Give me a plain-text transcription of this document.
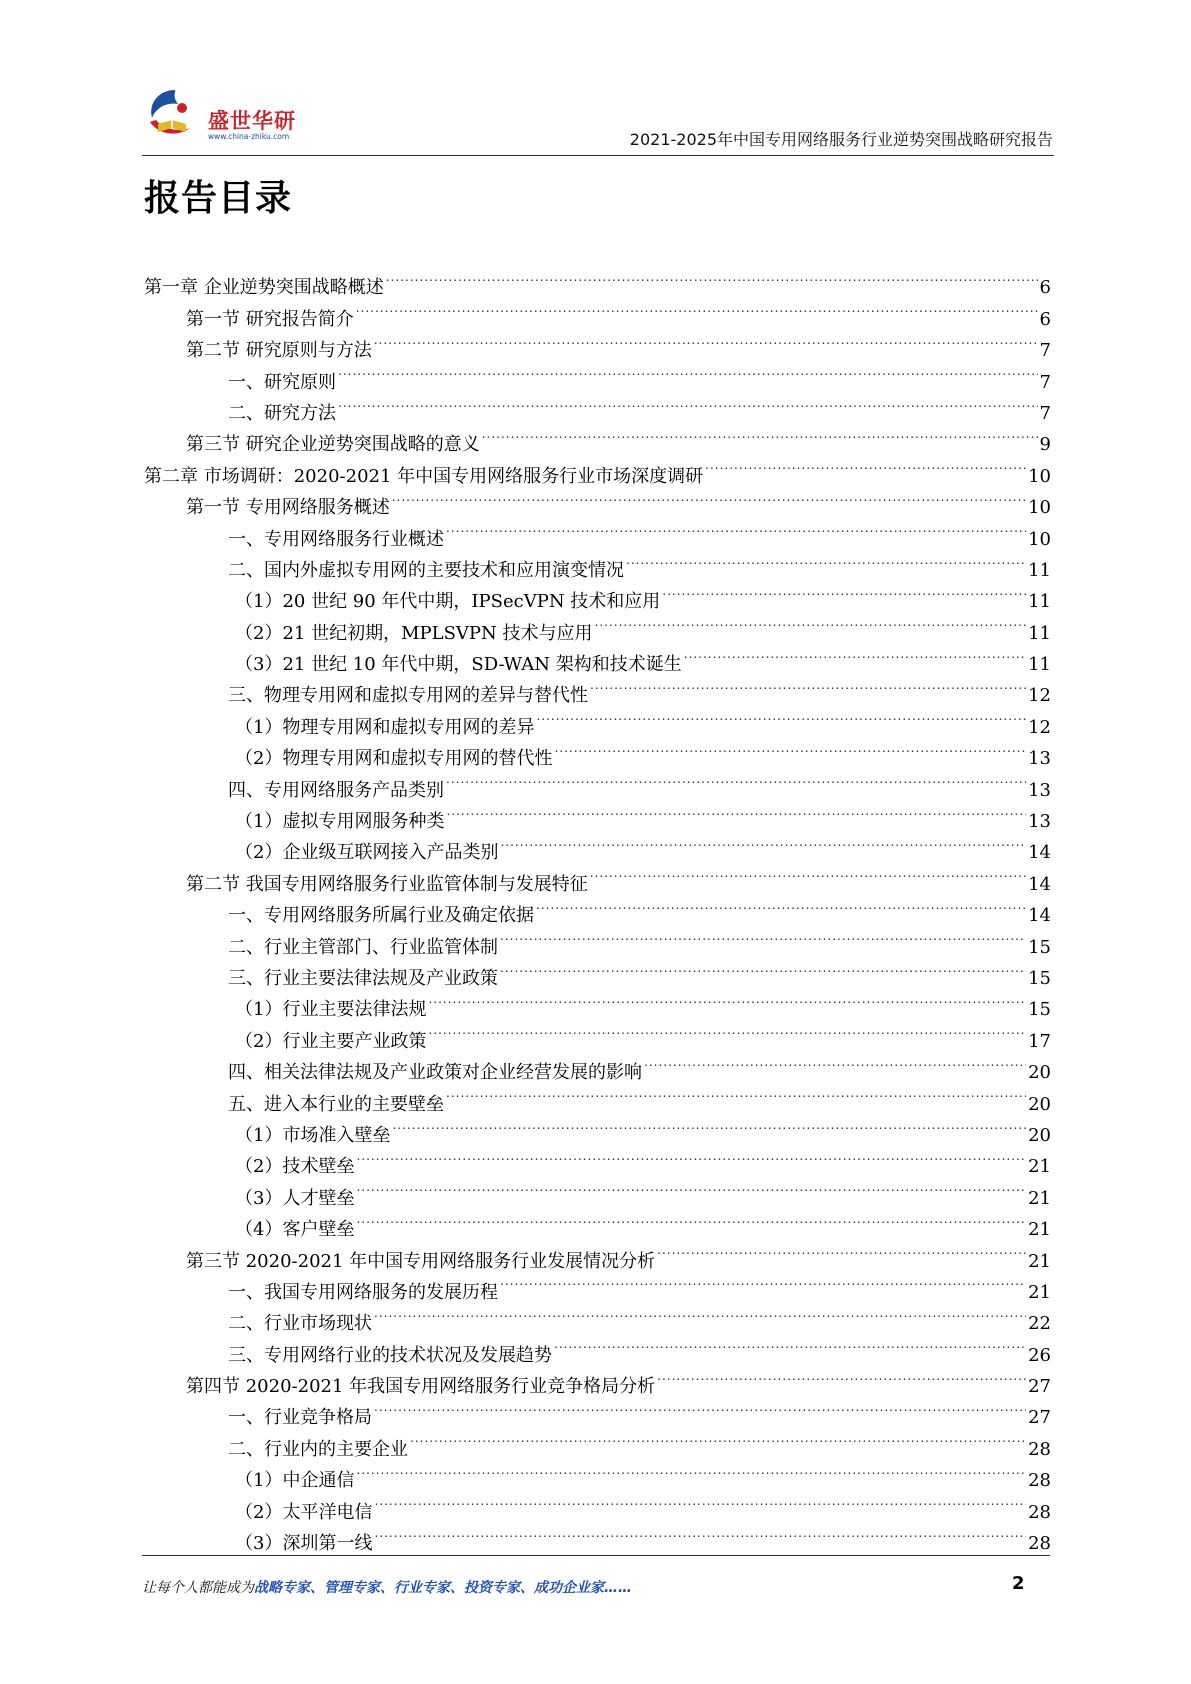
盛世华研
www.china-zhiku.com	2021-2025年中国专用网络服务行业逆势突围战略研究报告
报告目录
第一章 企业逆势突围战略概述 .....	6
第一节 研究报告简介 .....	6
第二节 研究原则与方法 .....	7
一、研究原则 .....	7
二、研究方法 .....	7
第三节 研究企业逆势突围战略的意义 .....	9
第二章 市场调研：2020-2021 年中国专用网络服务行业市场深度调研 .....	10
第一节 专用网络服务概述 .....	10
一、专用网络服务行业概述 .....	10
二、国内外虚拟专用网的主要技术和应用演变情况 .....	11
（1）20 世纪 90 年代中期，IPSecVPN 技术和应用 .....	11
（2）21 世纪初期，MPLSVPN 技术与应用 .....	11
（3）21 世纪 10 年代中期，SD-WAN 架构和技术诞生 .....	11
三、物理专用网和虚拟专用网的差异与替代性 .....	12
（1）物理专用网和虚拟专用网的差异 .....	12
（2）物理专用网和虚拟专用网的替代性 .....	13
四、专用网络服务产品类别 .....	13
（1）虚拟专用网服务种类 .....	13
（2）企业级互联网接入产品类别 .....	14
第二节 我国专用网络服务行业监管体制与发展特征 .....	14
一、专用网络服务所属行业及确定依据 .....	14
二、行业主管部门、行业监管体制 .....	15
三、行业主要法律法规及产业政策 .....	15
（1）行业主要法律法规 .....	15
（2）行业主要产业政策 .....	17
四、相关法律法规及产业政策对企业经营发展的影响 .....	20
五、进入本行业的主要壁垒 .....	20
（1）市场准入壁垒 .....	20
（2）技术壁垒 .....	21
（3）人才壁垒 .....	21
（4）客户壁垒 .....	21
第三节 2020-2021 年中国专用网络服务行业发展情况分析 .....	21
一、我国专用网络服务的发展历程 .....	21
二、行业市场现状 .....	22
三、专用网络行业的技术状况及发展趋势 .....	26
第四节 2020-2021 年我国专用网络服务行业竞争格局分析 .....	27
一、行业竞争格局 .....	27
二、行业内的主要企业 .....	28
（1）中企通信 .....	28
（2）太平洋电信 .....	28
（3）深圳第一线 .....	28
让每个人都能成为战略专家、管理专家、行业专家、投资专家、成功企业家……	2
